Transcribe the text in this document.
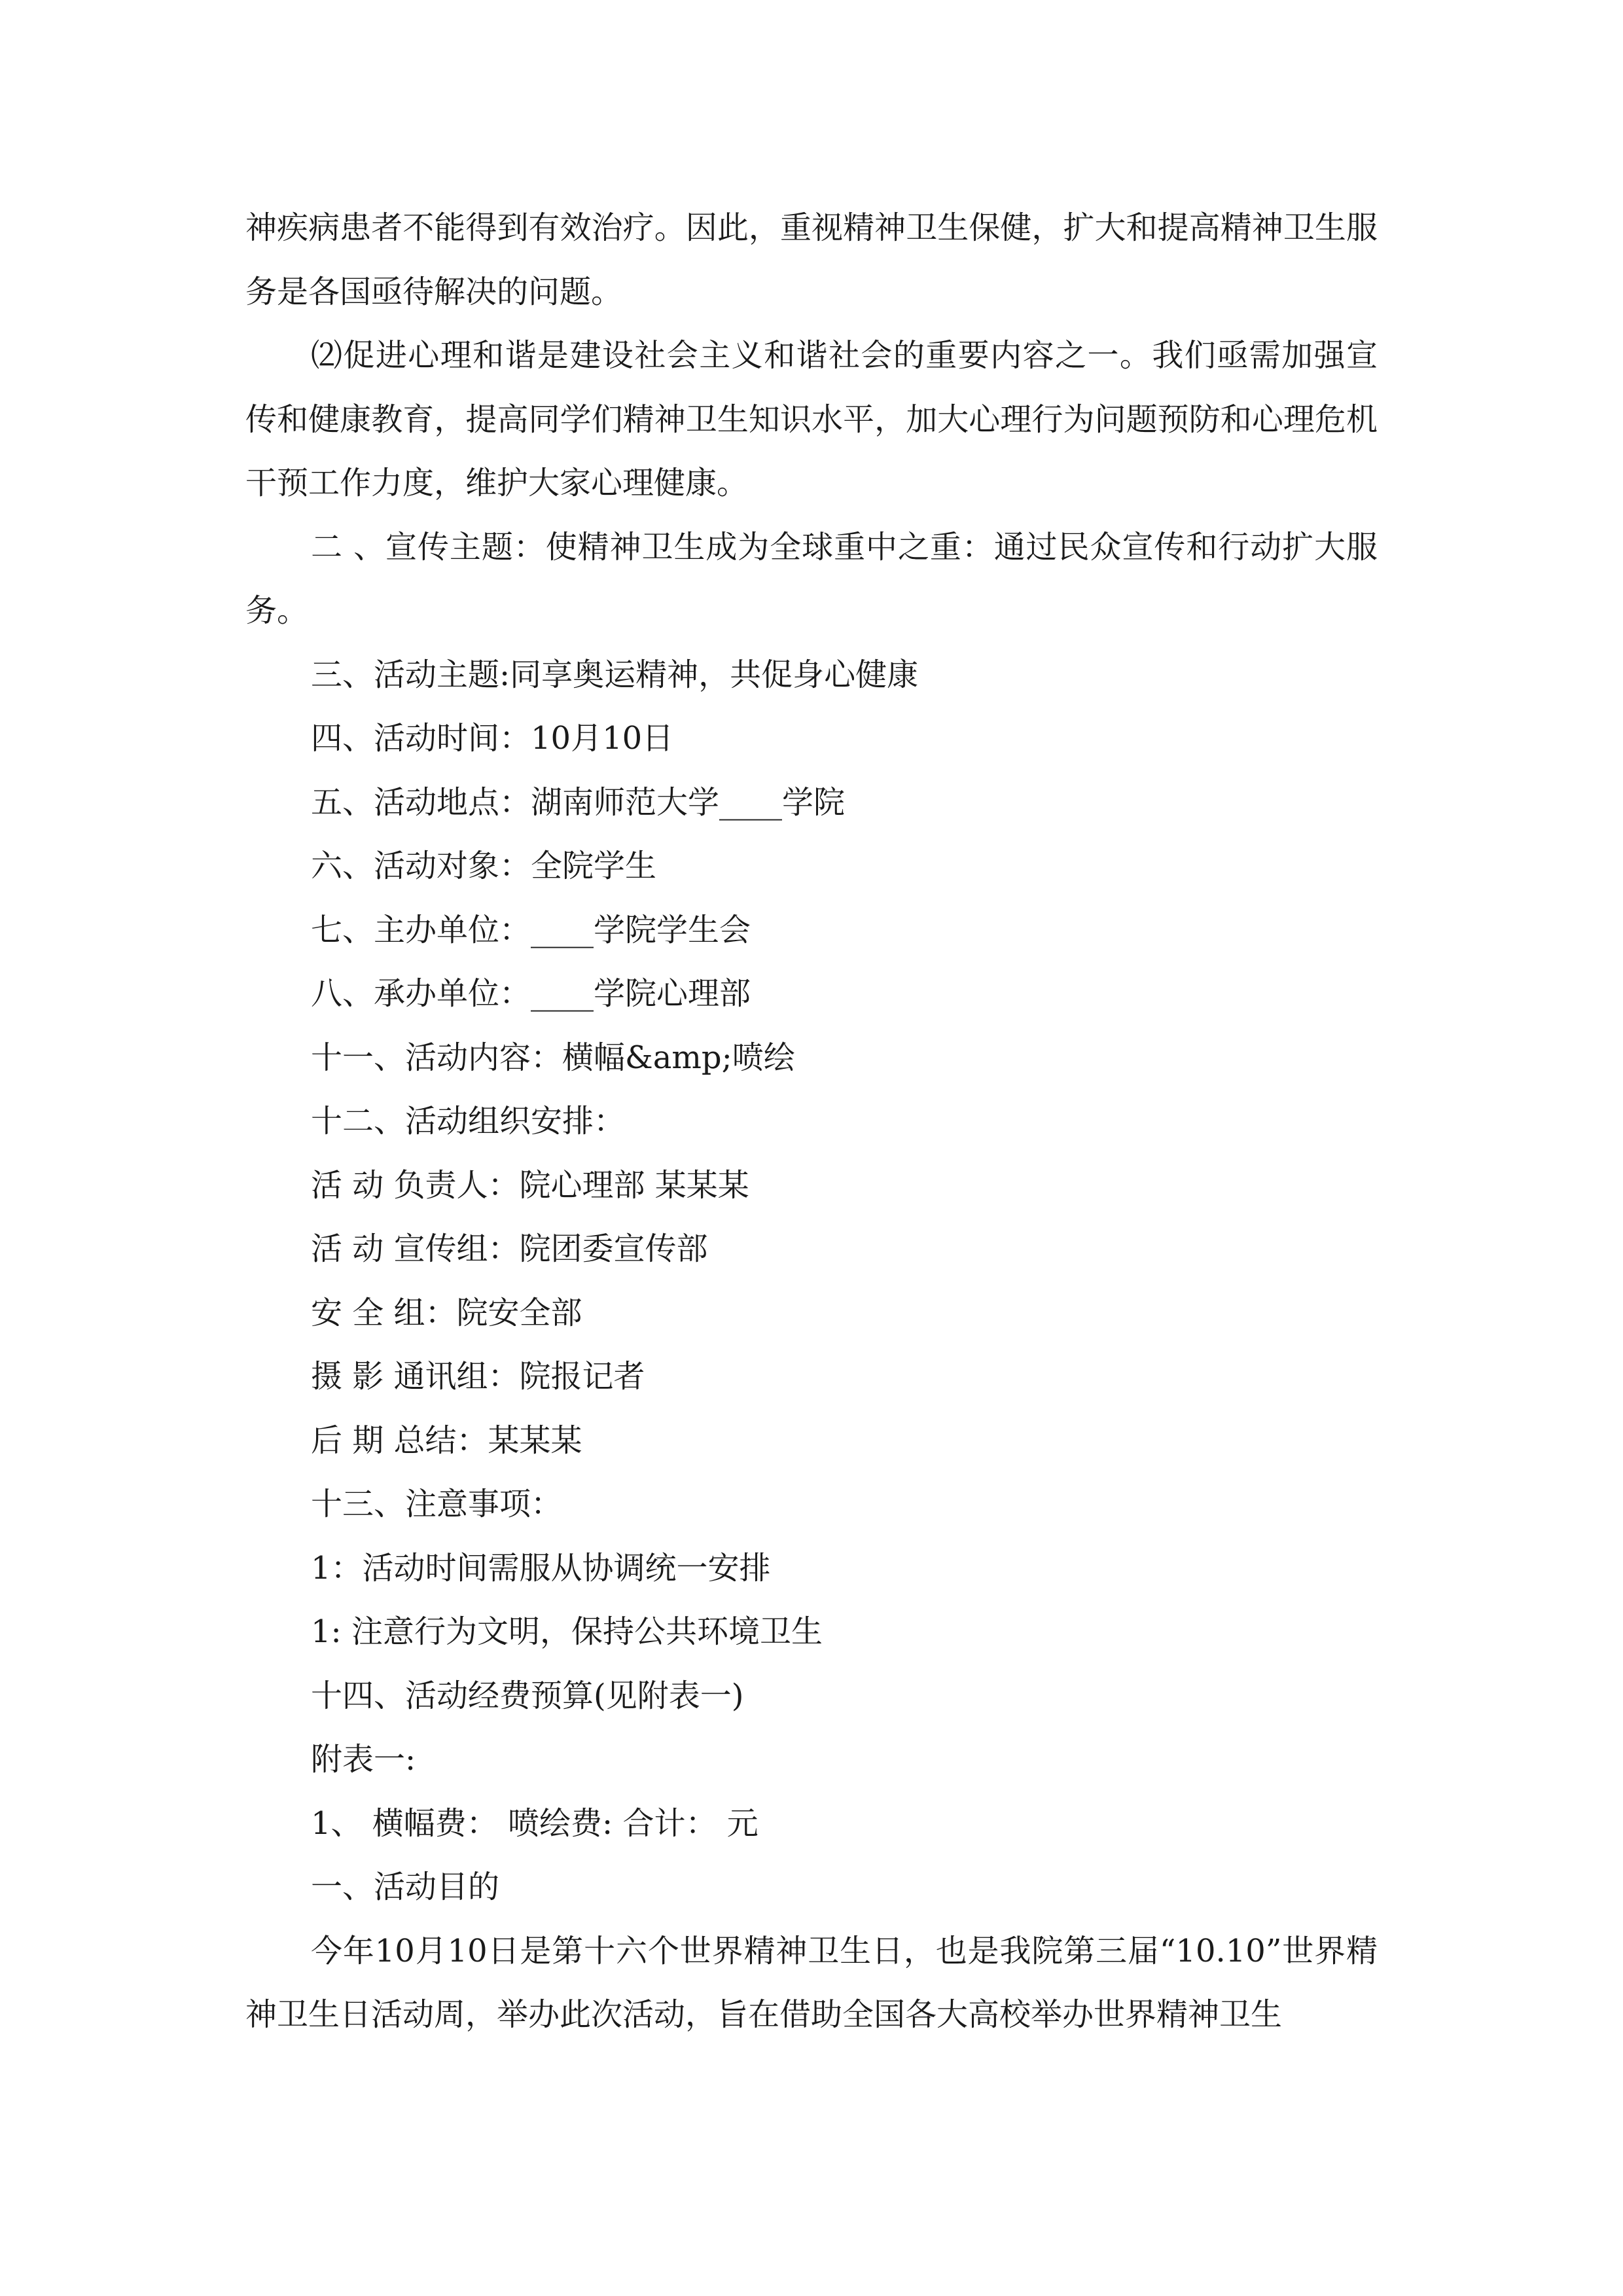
神疾病患者不能得到有效治疗。因此，重视精神卫生保健，扩大和提高精神卫生服务是各国亟待解决的问题。

⑵促进心理和谐是建设社会主义和谐社会的重要内容之一。我们亟需加强宣传和健康教育，提高同学们精神卫生知识水平，加大心理行为问题预防和心理危机干预工作力度，维护大家心理健康。

二 、宣传主题：使精神卫生成为全球重中之重：通过民众宣传和行动扩大服务。

三、活动主题:同享奥运精神，共促身心健康

四、活动时间：10月10日

五、活动地点：湖南师范大学____学院

六、活动对象：全院学生

七、主办单位：____学院学生会

八、承办单位：____学院心理部

十一、活动内容：横幅&amp;喷绘

十二、活动组织安排：

活 动 负责人：院心理部 某某某

活 动 宣传组：院团委宣传部

安 全 组：院安全部

摄 影 通讯组：院报记者

后 期 总结：某某某

十三、注意事项：

1：活动时间需服从协调统一安排

1: 注意行为文明，保持公共环境卫生

十四、活动经费预算(见附表一)

附表一:

1、 横幅费： 喷绘费: 合计： 元

一、活动目的

今年10月10日是第十六个世界精神卫生日，也是我院第三届“10.10”世界精神卫生日活动周，举办此次活动，旨在借助全国各大高校举办世界精神卫生
